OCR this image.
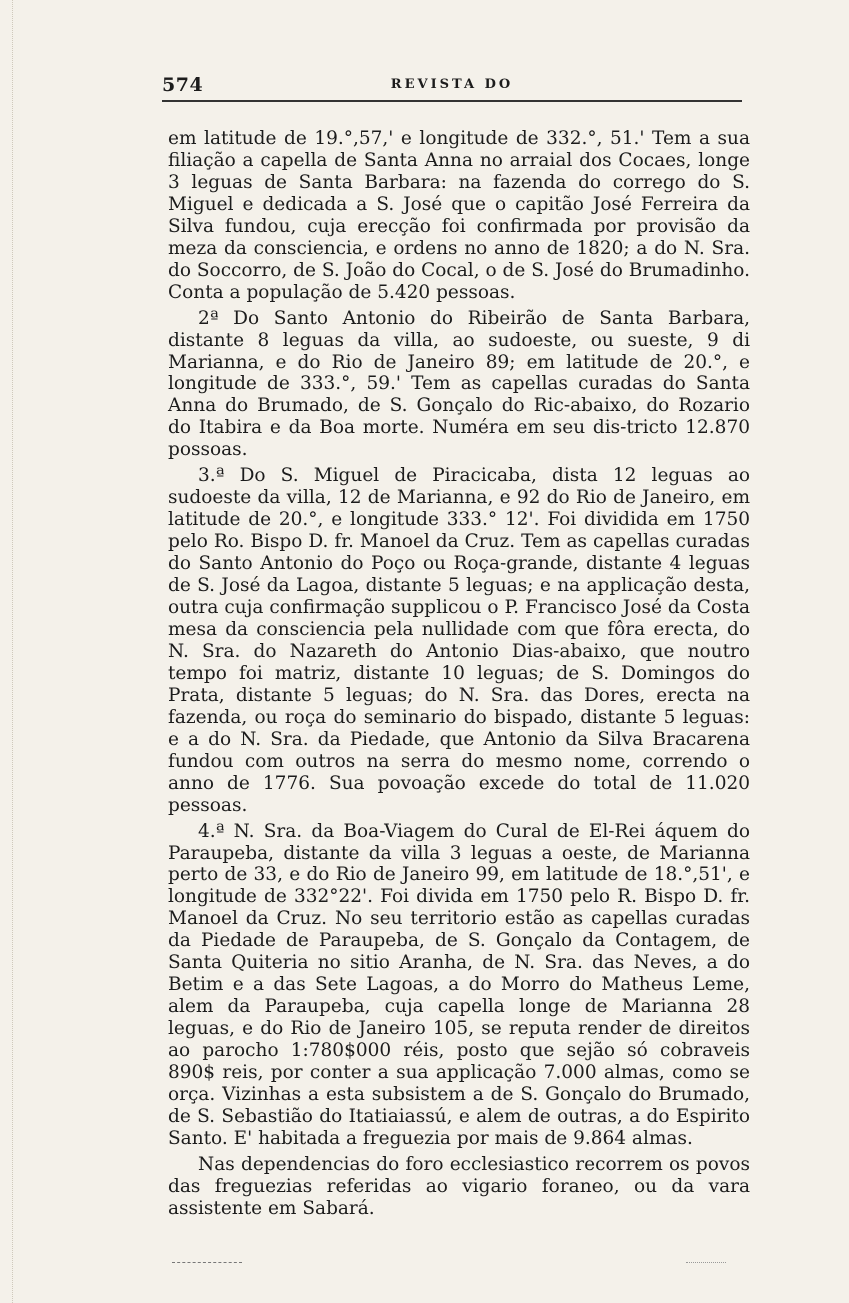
574	REVISTA DO

em latitude de 19.°,57,' e longitude de 332.°, 51.' Tem a sua filiação a capella de Santa Anna no arraial dos Cocaes, longe 3 leguas de Santa Barbara: na fazenda do corrego do S. Miguel e dedicada a S. José que o capitão José Ferreira da Silva fundou, cuja erecção foi confirmada por provisão da meza da consciencia, e ordens no anno de 1820; a do N. Sra. do Soccorro, de S. João do Cocal, o de S. José do Brumadinho. Conta a população de 5.420 pessoas.

2ª Do Santo Antonio do Ribeirão de Santa Barbara, distante 8 leguas da villa, ao sudoeste, ou sueste, 9 di Marianna, e do Rio de Janeiro 89; em latitude de 20.°, e longitude de 333.°, 59.' Tem as capellas curadas do Santa Anna do Brumado, de S. Gonçalo do Ric-abaixo, do Rozario do Itabira e da Boa morte. Numéra em seu dis-tricto 12.870 possoas.

3.ª Do S. Miguel de Piracicaba, dista 12 leguas ao sudoeste da villa, 12 de Marianna, e 92 do Rio de Janeiro, em latitude de 20.°, e longitude 333.° 12'. Foi dividida em 1750 pelo Ro. Bispo D. fr. Manoel da Cruz. Tem as capellas curadas do Santo Antonio do Poço ou Roça-grande, distante 4 leguas de S. José da Lagoa, distante 5 leguas; e na applicação desta, outra cuja confirmação supplicou o P. Francisco José da Costa mesa da consciencia pela nullidade com que fôra erecta, do N. Sra. do Nazareth do Antonio Dias-abaixo, que noutro tempo foi matriz, distante 10 leguas; de S. Domingos do Prata, distante 5 leguas; do N. Sra. das Dores, erecta na fazenda, ou roça do seminario do bispado, distante 5 leguas: e a do N. Sra. da Piedade, que Antonio da Silva Bracarena fundou com outros na serra do mesmo nome, correndo o anno de 1776. Sua povoação excede do total de 11.020 pessoas.

4.ª N. Sra. da Boa-Viagem do Cural de El-Rei áquem do Paraupeba, distante da villa 3 leguas a oeste, de Marianna perto de 33, e do Rio de Janeiro 99, em latitude de 18.°,51', e longitude de 332°22'. Foi divida em 1750 pelo R. Bispo D. fr. Manoel da Cruz. No seu territorio estão as capellas curadas da Piedade de Paraupeba, de S. Gonçalo da Contagem, de Santa Quiteria no sitio Aranha, de N. Sra. das Neves, a do Betim e a das Sete Lagoas, a do Morro do Matheus Leme, alem da Paraupeba, cuja capella longe de Marianna 28 leguas, e do Rio de Janeiro 105, se reputa render de direitos ao parocho 1:780$000 réis, posto que sejão só cobraveis 890$ reis, por conter a sua applicação 7.000 almas, como se orça. Vizinhas a esta subsistem a de S. Gonçalo do Brumado, de S. Sebastião do Itatiaiassú, e alem de outras, a do Espirito Santo. E' habitada a freguezia por mais de 9.864 almas.

Nas dependencias do foro ecclesiastico recorrem os povos das freguezias referidas ao vigario foraneo, ou da vara assistente em Sabará.
